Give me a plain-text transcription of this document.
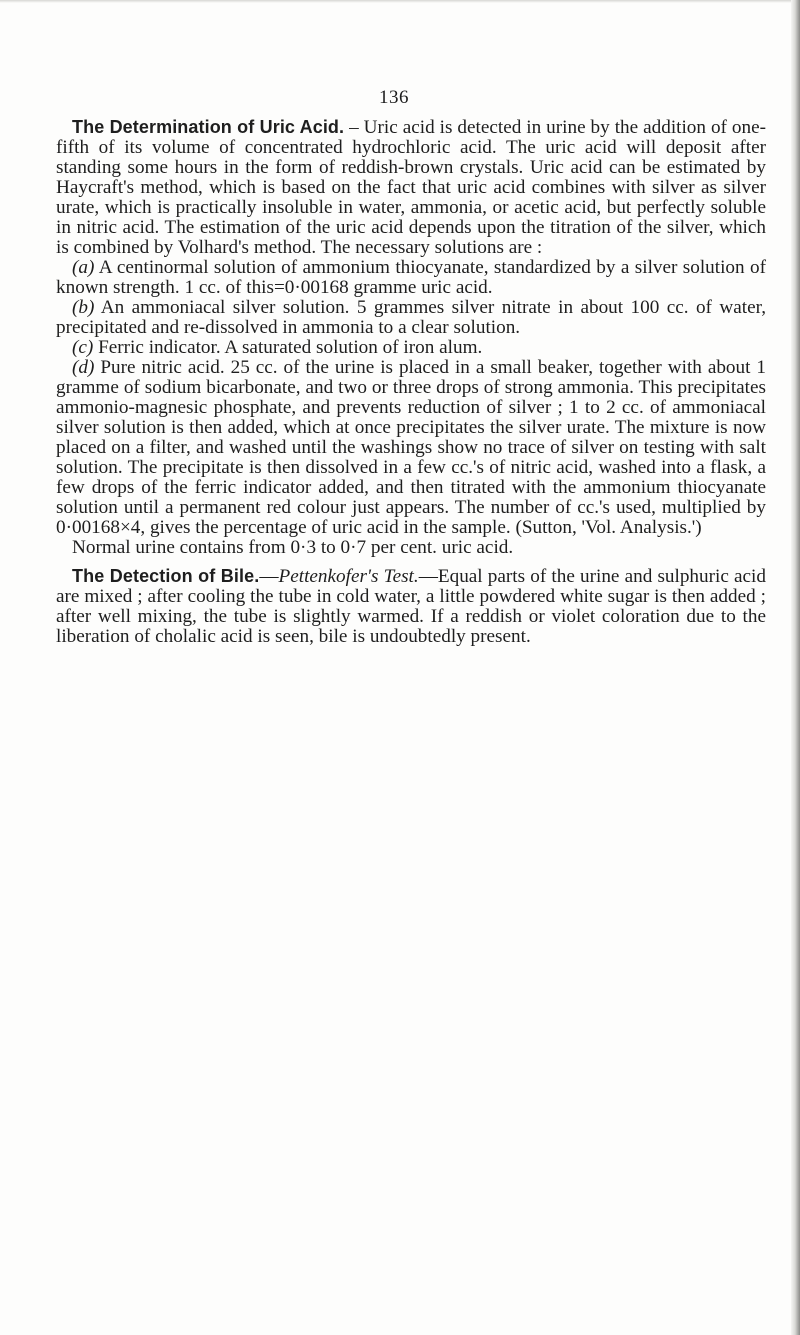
136

The Determination of Uric Acid. – Uric acid is detected in urine by the addition of one-fifth of its volume of concentrated hydrochloric acid. The uric acid will deposit after standing some hours in the form of reddish-brown crystals. Uric acid can be estimated by Haycraft's method, which is based on the fact that uric acid combines with silver as silver urate, which is practically insoluble in water, ammonia, or acetic acid, but perfectly soluble in nitric acid. The estimation of the uric acid depends upon the titration of the silver, which is combined by Volhard's method. The necessary solutions are :

(a) A centinormal solution of ammonium thiocyanate, standardized by a silver solution of known strength. 1 cc. of this=0·00168 gramme uric acid.

(b) An ammoniacal silver solution. 5 grammes silver nitrate in about 100 cc. of water, precipitated and re-dissolved in ammonia to a clear solution.

(c) Ferric indicator. A saturated solution of iron alum.

(d) Pure nitric acid. 25 cc. of the urine is placed in a small beaker, together with about 1 gramme of sodium bicarbonate, and two or three drops of strong ammonia. This precipitates ammonio-magnesic phosphate, and prevents reduction of silver ; 1 to 2 cc. of ammoniacal silver solution is then added, which at once precipitates the silver urate. The mixture is now placed on a filter, and washed until the washings show no trace of silver on testing with salt solution. The precipitate is then dissolved in a few cc.'s of nitric acid, washed into a flask, a few drops of the ferric indicator added, and then titrated with the ammonium thiocyanate solution until a permanent red colour just appears. The number of cc.'s used, multiplied by 0·00168×4, gives the percentage of uric acid in the sample. (Sutton, 'Vol. Analysis.')

Normal urine contains from 0·3 to 0·7 per cent. uric acid.

The Detection of Bile.—Pettenkofer's Test.—Equal parts of the urine and sulphuric acid are mixed ; after cooling the tube in cold water, a little powdered white sugar is then added ; after well mixing, the tube is slightly warmed. If a reddish or violet coloration due to the liberation of cholalic acid is seen, bile is undoubtedly present.
